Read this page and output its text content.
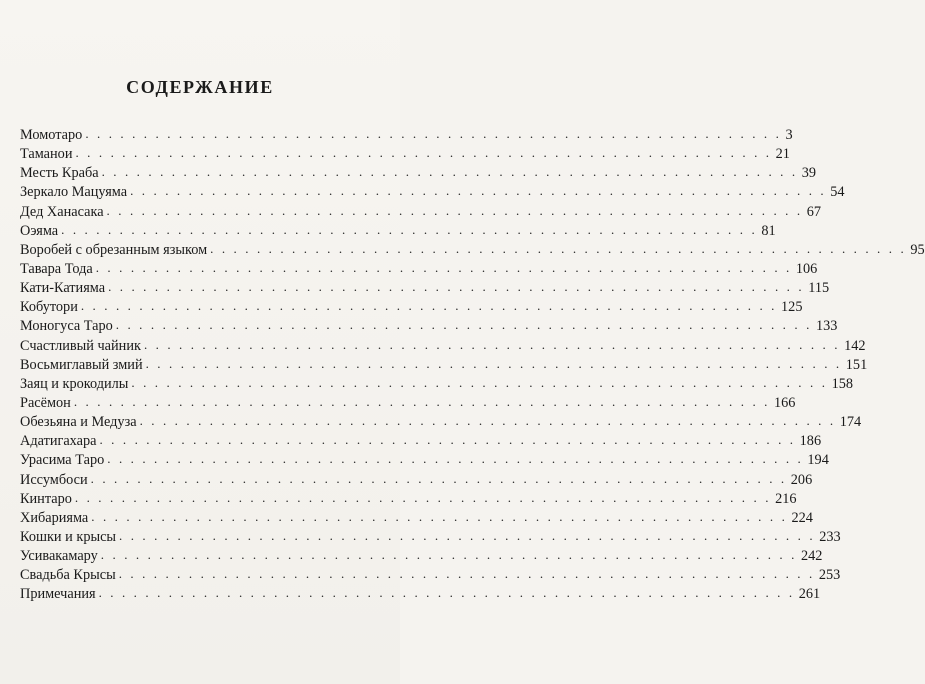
СОДЕРЖАНИЕ
Момотаро . . . . . . . . . . . . . . . . . . . . . . . . . . . . . . . . . . . . . . . . . . . . . . . . . . . . . . . . . . . . 3
Таманои . . . . . . . . . . . . . . . . . . . . . . . . . . . . . . . . . . . . . . . . . . . . . . . . . . . . . . . . . . . . 21
Месть Краба . . . . . . . . . . . . . . . . . . . . . . . . . . . . . . . . . . . . . . . . . . . . . . . . . . . . . . . . . . . . 39
Зеркало Мацуяма . . . . . . . . . . . . . . . . . . . . . . . . . . . . . . . . . . . . . . . . . . . . . . . . . . . . . . . . . . . . 54
Дед Ханасака . . . . . . . . . . . . . . . . . . . . . . . . . . . . . . . . . . . . . . . . . . . . . . . . . . . . . . . . . . . . 67
Оэяма . . . . . . . . . . . . . . . . . . . . . . . . . . . . . . . . . . . . . . . . . . . . . . . . . . . . . . . . . . . . 81
Воробей с обрезанным языком . . . . . . . . . . . . . . . . . . . . . . . . . . . . . . . . . . . . . . . . . . . . . . . . . . . . . . . . . . . . 95
Тавара Тода . . . . . . . . . . . . . . . . . . . . . . . . . . . . . . . . . . . . . . . . . . . . . . . . . . . . . . . . . . . . 106
Кати-Катияма . . . . . . . . . . . . . . . . . . . . . . . . . . . . . . . . . . . . . . . . . . . . . . . . . . . . . . . . . . . . 115
Кобутори . . . . . . . . . . . . . . . . . . . . . . . . . . . . . . . . . . . . . . . . . . . . . . . . . . . . . . . . . . . . 125
Моногуса Таро . . . . . . . . . . . . . . . . . . . . . . . . . . . . . . . . . . . . . . . . . . . . . . . . . . . . . . . . . . . . 133
Счастливый чайник . . . . . . . . . . . . . . . . . . . . . . . . . . . . . . . . . . . . . . . . . . . . . . . . . . . . . . . . . . . . 142
Восьмиглавый змий . . . . . . . . . . . . . . . . . . . . . . . . . . . . . . . . . . . . . . . . . . . . . . . . . . . . . . . . . . . . 151
Заяц и крокодилы . . . . . . . . . . . . . . . . . . . . . . . . . . . . . . . . . . . . . . . . . . . . . . . . . . . . . . . . . . . . 158
Расёмон . . . . . . . . . . . . . . . . . . . . . . . . . . . . . . . . . . . . . . . . . . . . . . . . . . . . . . . . . . . . 166
Обезьяна и Медуза . . . . . . . . . . . . . . . . . . . . . . . . . . . . . . . . . . . . . . . . . . . . . . . . . . . . . . . . . . . . 174
Адатигахара . . . . . . . . . . . . . . . . . . . . . . . . . . . . . . . . . . . . . . . . . . . . . . . . . . . . . . . . . . . . 186
Урасима Таро . . . . . . . . . . . . . . . . . . . . . . . . . . . . . . . . . . . . . . . . . . . . . . . . . . . . . . . . . . . . 194
Иссумбоси . . . . . . . . . . . . . . . . . . . . . . . . . . . . . . . . . . . . . . . . . . . . . . . . . . . . . . . . . . . . 206
Кинтаро . . . . . . . . . . . . . . . . . . . . . . . . . . . . . . . . . . . . . . . . . . . . . . . . . . . . . . . . . . . . 216
Хибарияма . . . . . . . . . . . . . . . . . . . . . . . . . . . . . . . . . . . . . . . . . . . . . . . . . . . . . . . . . . . . 224
Кошки и крысы . . . . . . . . . . . . . . . . . . . . . . . . . . . . . . . . . . . . . . . . . . . . . . . . . . . . . . . . . . . . 233
Усивакамару . . . . . . . . . . . . . . . . . . . . . . . . . . . . . . . . . . . . . . . . . . . . . . . . . . . . . . . . . . . . 242
Свадьба Крысы . . . . . . . . . . . . . . . . . . . . . . . . . . . . . . . . . . . . . . . . . . . . . . . . . . . . . . . . . . . . 253
Примечания . . . . . . . . . . . . . . . . . . . . . . . . . . . . . . . . . . . . . . . . . . . . . . . . . . . . . . . . . . . . 261
